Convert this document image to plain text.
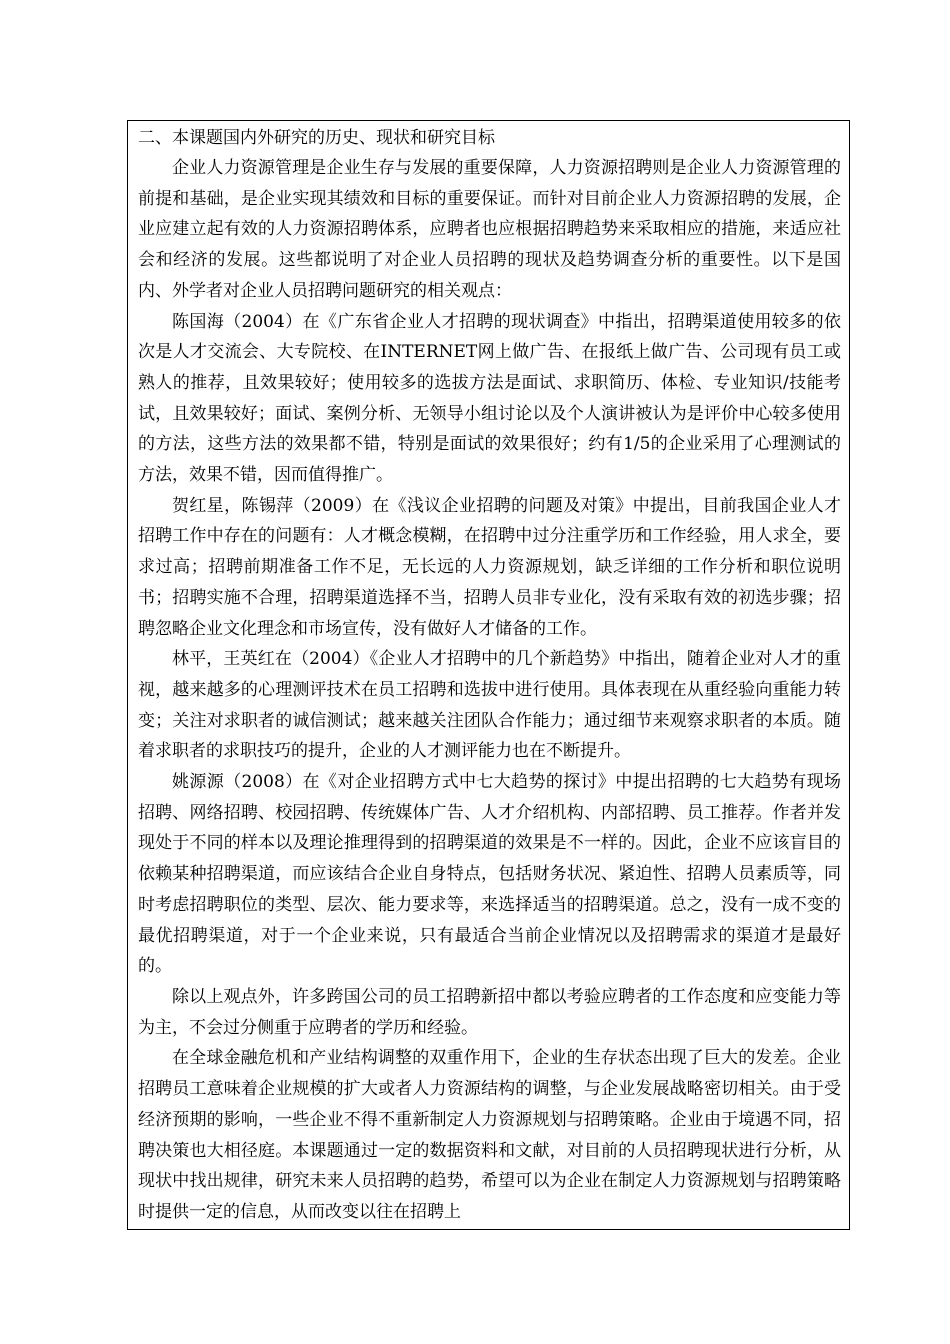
二、本课题国内外研究的历史、现状和研究目标

企业人力资源管理是企业生存与发展的重要保障，人力资源招聘则是企业人力资源管理的前提和基础，是企业实现其绩效和目标的重要保证。而针对目前企业人力资源招聘的发展，企业应建立起有效的人力资源招聘体系，应聘者也应根据招聘趋势来采取相应的措施，来适应社会和经济的发展。这些都说明了对企业人员招聘的现状及趋势调查分析的重要性。以下是国内、外学者对企业人员招聘问题研究的相关观点：

陈国海（2004）在《广东省企业人才招聘的现状调查》中指出，招聘渠道使用较多的依次是人才交流会、大专院校、在INTERNET网上做广告、在报纸上做广告、公司现有员工或熟人的推荐，且效果较好；使用较多的选拔方法是面试、求职简历、体检、专业知识/技能考试，且效果较好；面试、案例分析、无领导小组讨论以及个人演讲被认为是评价中心较多使用的方法，这些方法的效果都不错，特别是面试的效果很好；约有1/5的企业采用了心理测试的方法，效果不错，因而值得推广。

贺红星，陈锡萍（2009）在《浅议企业招聘的问题及对策》中提出，目前我国企业人才招聘工作中存在的问题有：人才概念模糊，在招聘中过分注重学历和工作经验，用人求全，要求过高；招聘前期准备工作不足，无长远的人力资源规划，缺乏详细的工作分析和职位说明书；招聘实施不合理，招聘渠道选择不当，招聘人员非专业化，没有采取有效的初选步骤；招聘忽略企业文化理念和市场宣传，没有做好人才储备的工作。

林平，王英红在（2004）《企业人才招聘中的几个新趋势》中指出，随着企业对人才的重视，越来越多的心理测评技术在员工招聘和选拔中进行使用。具体表现在从重经验向重能力转变；关注对求职者的诚信测试；越来越关注团队合作能力；通过细节来观察求职者的本质。随着求职者的求职技巧的提升，企业的人才测评能力也在不断提升。

姚源源（2008）在《对企业招聘方式中七大趋势的探讨》中提出招聘的七大趋势有现场招聘、网络招聘、校园招聘、传统媒体广告、人才介绍机构、内部招聘、员工推荐。作者并发现处于不同的样本以及理论推理得到的招聘渠道的效果是不一样的。因此，企业不应该盲目的依赖某种招聘渠道，而应该结合企业自身特点，包括财务状况、紧迫性、招聘人员素质等，同时考虑招聘职位的类型、层次、能力要求等，来选择适当的招聘渠道。总之，没有一成不变的最优招聘渠道，对于一个企业来说，只有最适合当前企业情况以及招聘需求的渠道才是最好的。

除以上观点外，许多跨国公司的员工招聘新招中都以考验应聘者的工作态度和应变能力等为主，不会过分侧重于应聘者的学历和经验。

在全球金融危机和产业结构调整的双重作用下，企业的生存状态出现了巨大的发差。企业招聘员工意味着企业规模的扩大或者人力资源结构的调整，与企业发展战略密切相关。由于受经济预期的影响，一些企业不得不重新制定人力资源规划与招聘策略。企业由于境遇不同，招聘决策也大相径庭。本课题通过一定的数据资料和文献，对目前的人员招聘现状进行分析，从现状中找出规律，研究未来人员招聘的趋势，希望可以为企业在制定人力资源规划与招聘策略时提供一定的信息，从而改变以往在招聘上
